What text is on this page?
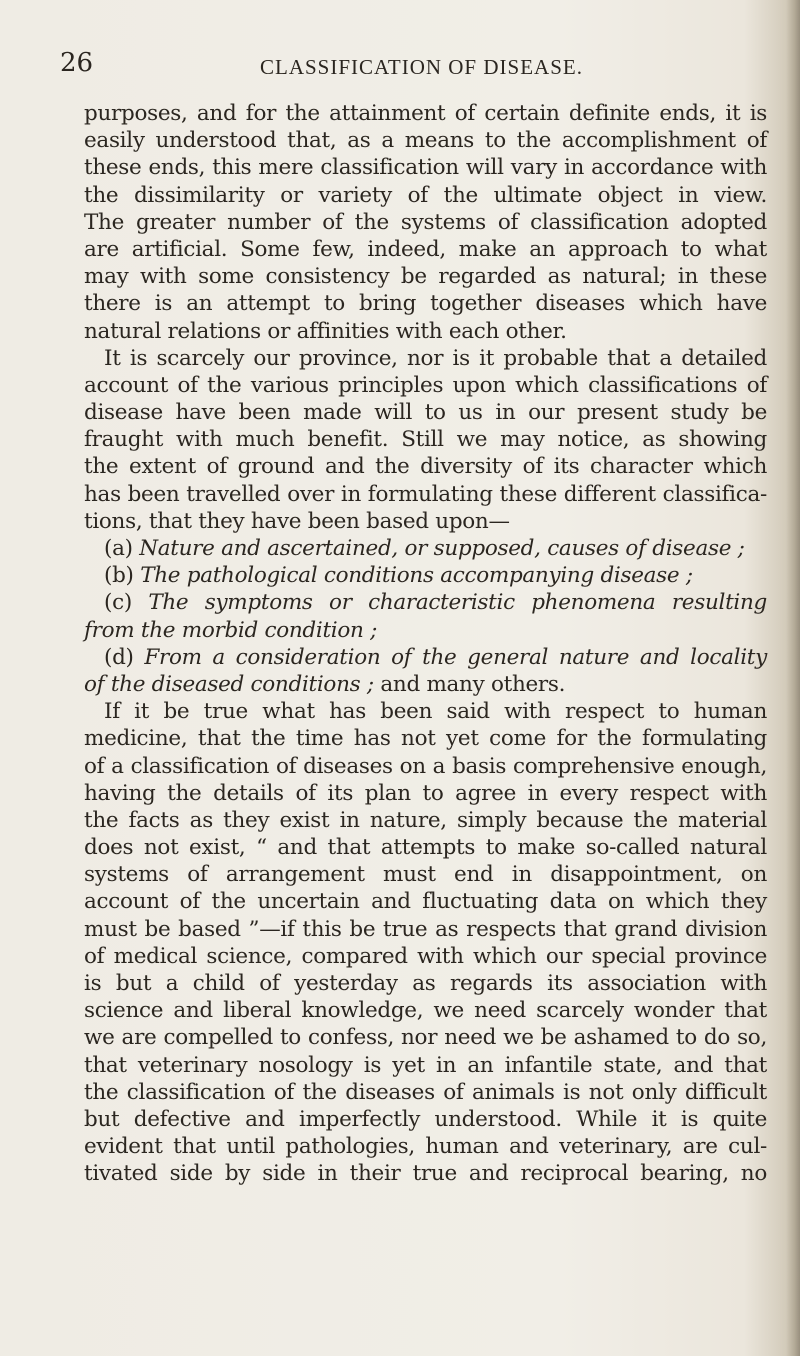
26	CLASSIFICATION OF DISEASE.
purposes, and for the attainment of certain definite ends, it is
easily understood that, as a means to the accomplishment of
these ends, this mere classification will vary in accordance with
the dissimilarity or variety of the ultimate object in view.
The greater number of the systems of classification adopted
are artificial. Some few, indeed, make an approach to what
may with some consistency be regarded as natural; in these
there is an attempt to bring together diseases which have
natural relations or affinities with each other.
It is scarcely our province, nor is it probable that a detailed
account of the various principles upon which classifications of
disease have been made will to us in our present study be
fraught with much benefit. Still we may notice, as showing
the extent of ground and the diversity of its character which
has been travelled over in formulating these different classifica-
tions, that they have been based upon—
(a) Nature and ascertained, or supposed, causes of disease ;
(b) The pathological conditions accompanying disease ;
(c) The symptoms or characteristic phenomena resulting
from the morbid condition ;
(d) From a consideration of the general nature and locality
of the diseased conditions ; and many others.
If it be true what has been said with respect to human
medicine, that the time has not yet come for the formulating
of a classification of diseases on a basis comprehensive enough,
having the details of its plan to agree in every respect with
the facts as they exist in nature, simply because the material
does not exist, “ and that attempts to make so-called natural
systems of arrangement must end in disappointment, on
account of the uncertain and fluctuating data on which they
must be based ”—if this be true as respects that grand division
of medical science, compared with which our special province
is but a child of yesterday as regards its association with
science and liberal knowledge, we need scarcely wonder that
we are compelled to confess, nor need we be ashamed to do so,
that veterinary nosology is yet in an infantile state, and that
the classification of the diseases of animals is not only difficult
but defective and imperfectly understood. While it is quite
evident that until pathologies, human and veterinary, are cul-
tivated side by side in their true and reciprocal bearing, no
